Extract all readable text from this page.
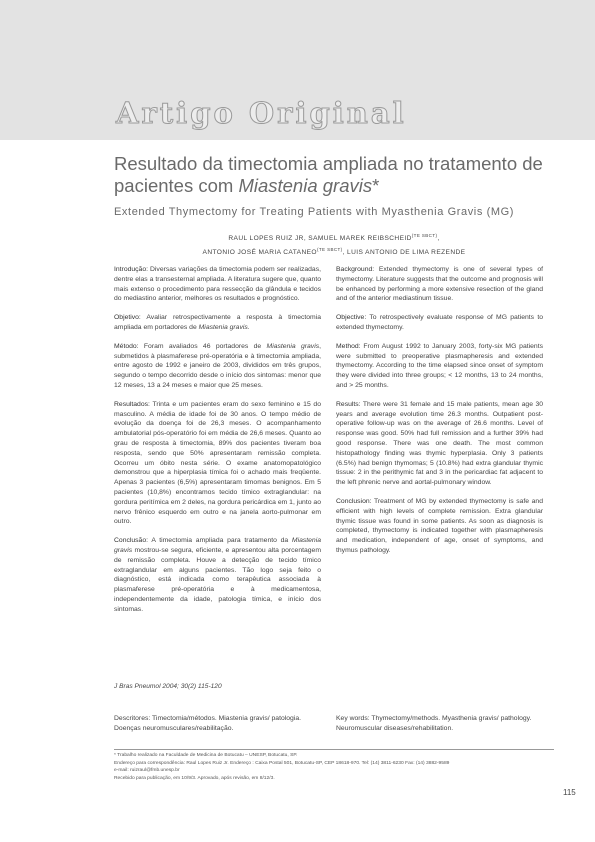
Artigo Original
Resultado da timectomia ampliada no tratamento de pacientes com Miastenia gravis*
Extended Thymectomy for Treating Patients with Myasthenia Gravis (MG)
RAUL LOPES RUIZ JR, SAMUEL MAREK $REIBSCHEID^{(TE SBCT)}$,
ANTONIO JOSÉ MARIA $CATANEO^{(TE SBCT)}$, LUIS ANTONIO DE LIMA REZENDE

Introdução: Diversas variações da timectomia podem ser realizadas, dentre elas a transesternal ampliada. A literatura sugere que, quanto mais extenso o procedimento para ressecção da glândula e tecidos do mediastino anterior, melhores os resultados e prognóstico.

Objetivo: Avaliar retrospectivamente a resposta à timectomia ampliada em portadores de Miastenia gravis.

Método: Foram avaliados 46 portadores de Miastenia gravis, submetidos à plasmaferese pré-operatória e à timectomia ampliada, entre agosto de 1992 e janeiro de 2003, divididos em três grupos, segundo o tempo decorrido desde o início dos sintomas: menor que 12 meses, 13 a 24 meses e maior que 25 meses.

Resultados: Trinta e um pacientes eram do sexo feminino e 15 do masculino. A média de idade foi de 30 anos. O tempo médio de evolução da doença foi de 26,3 meses. O acompanhamento ambulatorial pós-operatório foi em média de 26,6 meses. Quanto ao grau de resposta à timectomia, 89% dos pacientes tiveram boa resposta, sendo que 50% apresentaram remissão completa. Ocorreu um óbito nesta série. O exame anatomopatológico demonstrou que a hiperplasia tímica foi o achado mais freqüente. Apenas 3 pacientes (6,5%) apresentaram timomas benignos. Em 5 pacientes (10,8%) encontramos tecido tímico extraglandular: na gordura peritímica em 2 deles, na gordura pericárdica em 1, junto ao nervo frênico esquerdo em outro e na janela aorto-pulmonar em outro.

Conclusão: A timectomia ampliada para tratamento da Miastenia gravis mostrou-se segura, eficiente, e apresentou alta porcentagem de remissão completa. Houve a detecção de tecido tímico extraglandular em alguns pacientes. Tão logo seja feito o diagnóstico, está indicada como terapêutica associada à plasmaferese pré-operatória e à medicamentosa, independentemente da idade, patologia tímica, e início dos sintomas.

Background: Extended thymectomy is one of several types of thymectomy. Literature suggests that the outcome and prognosis will be enhanced by performing a more extensive resection of the gland and of the anterior mediastinum tissue.

Objective: To retrospectively evaluate response of MG patients to extended thymectomy.

Method: From August 1992 to January 2003, forty-six MG patients were submitted to preoperative plasmapheresis and extended thymectomy. According to the time elapsed since onset of symptom they were divided into three groups; < 12 months, 13 to 24 months, and > 25 months.

Results: There were 31 female and 15 male patients, mean age 30 years and average evolution time 26.3 months. Outpatient post-operative follow-up was on the average of 26.6 months. Level of response was good. 50% had full remission and a further 39% had good response. There was one death. The most common histopathology finding was thymic hyperplasia. Only 3 patients (6.5%) had benign thymomas; 5 (10.8%) had extra glandular thymic tissue: 2 in the perithymic fat and 3 in the pericardiac fat adjacent to the left phrenic nerve and aortal-pulmonary window.

Conclusion: Treatment of MG by extended thymectomy is safe and efficient with high levels of complete remission. Extra glandular thymic tissue was found in some patients. As soon as diagnosis is completed, thymectomy is indicated together with plasmapheresis and medication, independent of age, onset of symptoms, and thymus pathology.

J Bras Pneumol 2004; 30(2) 115-120
Descritores: Timectomia/métodos. Miastenia gravis/ patologia. Doenças neuromusculares/reabilitação.
Key words: Thymectomy/methods. Myasthenia gravis/ pathology. Neuromuscular diseases/rehabilitation.
* Trabalho realizado na Faculdade de Medicina de Botucatu – UNESP, Botucatu, SP.
Endereço para correspondência: Raul Lopes Ruiz Jr. Endereço : Caixa Postal 501, Botucatu-SP, CEP 18618-970. Tel: (14) 3811-6230 Fax: (14) 3882-9589
e-mail: ruizraul@fmb.unesp.br
Recebido para publicação, em 10/9/3. Aprovado, após revisão, em 8/12/3.
115
